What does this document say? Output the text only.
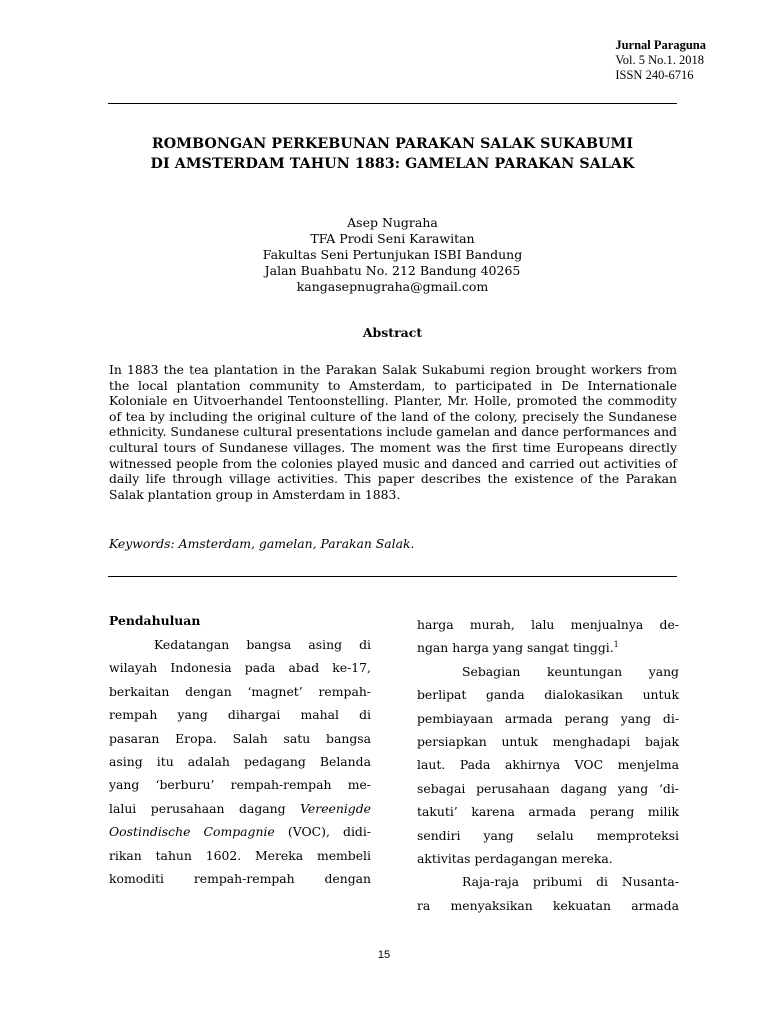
Jurnal Paraguna
Vol. 5 No.1. 2018
ISSN 240-6716
ROMBONGAN PERKEBUNAN PARAKAN SALAK SUKABUMI
DI AMSTERDAM TAHUN 1883: GAMELAN PARAKAN SALAK
Asep Nugraha
TFA Prodi Seni Karawitan
Fakultas Seni Pertunjukan ISBI Bandung
Jalan Buahbatu No. 212 Bandung 40265
kangasepnugraha@gmail.com
Abstract
In 1883 the tea plantation in the Parakan Salak Sukabumi region brought workers from the local plantation community to Amsterdam, to participated in De Internationale Koloniale en Uitvoerhandel Tentoonstelling. Planter, Mr. Holle, promoted the commodity of tea by including the original culture of the land of the colony, precisely the Sundanese ethnicity. Sundanese cultural presentations include gamelan and dance performances and cultural tours of Sundanese villages. The moment was the first time Europeans directly witnessed people from the colonies played music and danced and carried out activities of daily life through village activities. This paper describes the existence of the Parakan Salak plantation group in Amsterdam in 1883.
Keywords: Amsterdam, gamelan, Parakan Salak.
Pendahuluan
Kedatangan bangsa asing di
wilayah Indonesia pada abad ke-17,
berkaitan dengan ‘magnet’ rempah-
rempah yang dihargai mahal di
pasaran Eropa. Salah satu bangsa
asing itu adalah pedagang Belanda
yang ‘berburu’ rempah-rempah me-
lalui perusahaan dagang Vereenigde
Oostindische Compagnie (VOC), didi-
rikan tahun 1602. Mereka membeli
komoditi rempah-rempah dengan
harga murah, lalu menjualnya de-
ngan harga yang sangat tinggi.$^1$
Sebagian keuntungan yang
berlipat ganda dialokasikan untuk
pembiayaan armada perang yang di-
persiapkan untuk menghadapi bajak
laut. Pada akhirnya VOC menjelma
sebagai perusahaan dagang yang ‘di-
takuti’ karena armada perang milik
sendiri yang selalu memproteksi
aktivitas perdagangan mereka.
Raja-raja pribumi di Nusanta-
ra menyaksikan kekuatan armada
15
